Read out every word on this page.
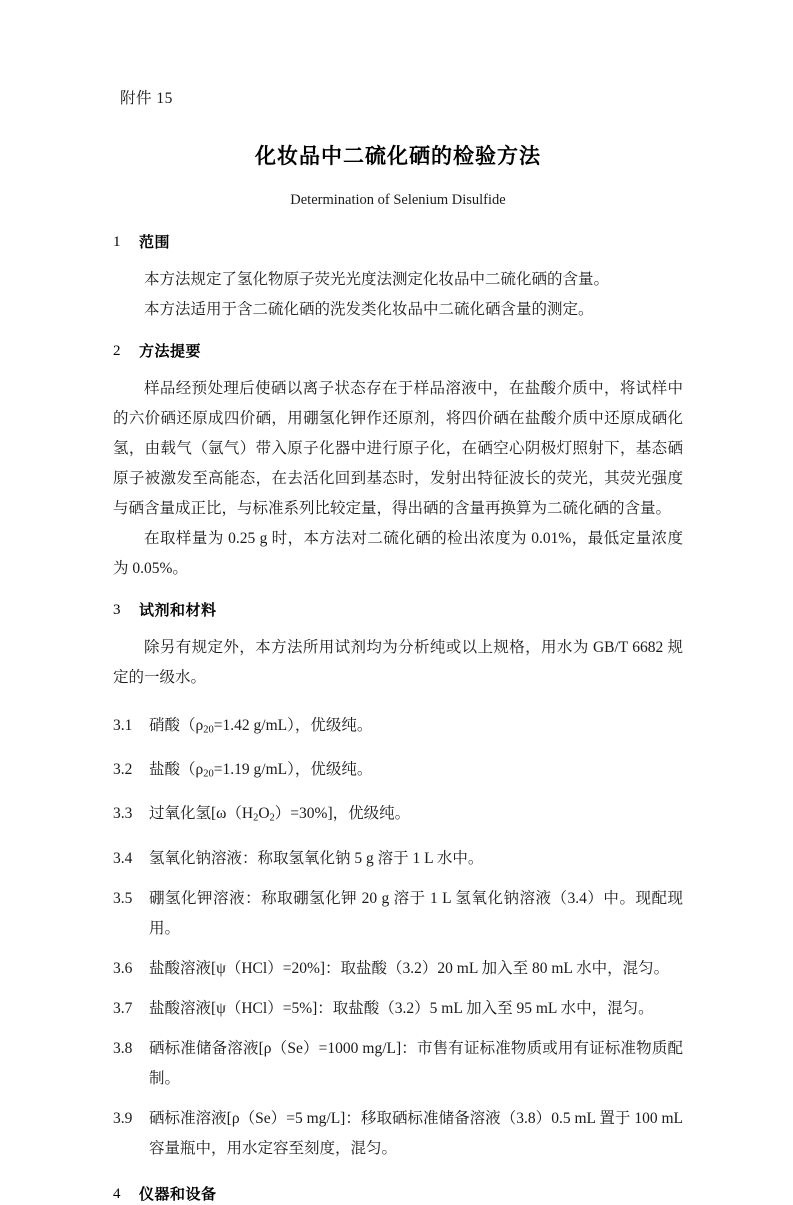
附件 15
化妆品中二硫化硒的检验方法
Determination of Selenium Disulfide
1	范围

本方法规定了氢化物原子荧光光度法测定化妆品中二硫化硒的含量。

本方法适用于含二硫化硒的洗发类化妆品中二硫化硒含量的测定。

2	方法提要

样品经预处理后使硒以离子状态存在于样品溶液中，在盐酸介质中，将试样中的六价硒还原成四价硒，用硼氢化钾作还原剂，将四价硒在盐酸介质中还原成硒化氢，由载气（氩气）带入原子化器中进行原子化，在硒空心阴极灯照射下，基态硒原子被激发至高能态，在去活化回到基态时，发射出特征波长的荧光，其荧光强度与硒含量成正比，与标准系列比较定量，得出硒的含量再换算为二硫化硒的含量。

在取样量为 0.25 g 时，本方法对二硫化硒的检出浓度为 0.01%，最低定量浓度为 0.05%。

3	试剂和材料

除另有规定外，本方法所用试剂均为分析纯或以上规格，用水为 GB/T 6682 规定的一级水。

3.1	硝酸（$\rho_{20}=1.42$ g/mL），优级纯。
3.2	盐酸（$\rho_{20}=1.19$ g/mL），优级纯。
3.3	过氧化氢$[\omega(H_2O_2)=30\%]$，优级纯。
3.4	氢氧化钠溶液：称取氢氧化钠 5 g 溶于 1 L 水中。
3.5	硼氢化钾溶液：称取硼氢化钾 20 g 溶于 1 L 氢氧化钠溶液（3.4）中。现配现用。
3.6	盐酸溶液[ψ（HCl）=20%]：取盐酸（3.2）20 mL 加入至 80 mL 水中，混匀。
3.7	盐酸溶液[ψ（HCl）=5%]：取盐酸（3.2）5 mL 加入至 95 mL 水中，混匀。
3.8	硒标准储备溶液[ρ（Se）=1000 mg/L]：市售有证标准物质或用有证标准物质配制。
3.9	硒标准溶液[ρ（Se）=5 mg/L]：移取硒标准储备溶液（3.8）0.5 mL 置于 100 mL 容量瓶中，用水定容至刻度，混匀。
4	仪器和设备
